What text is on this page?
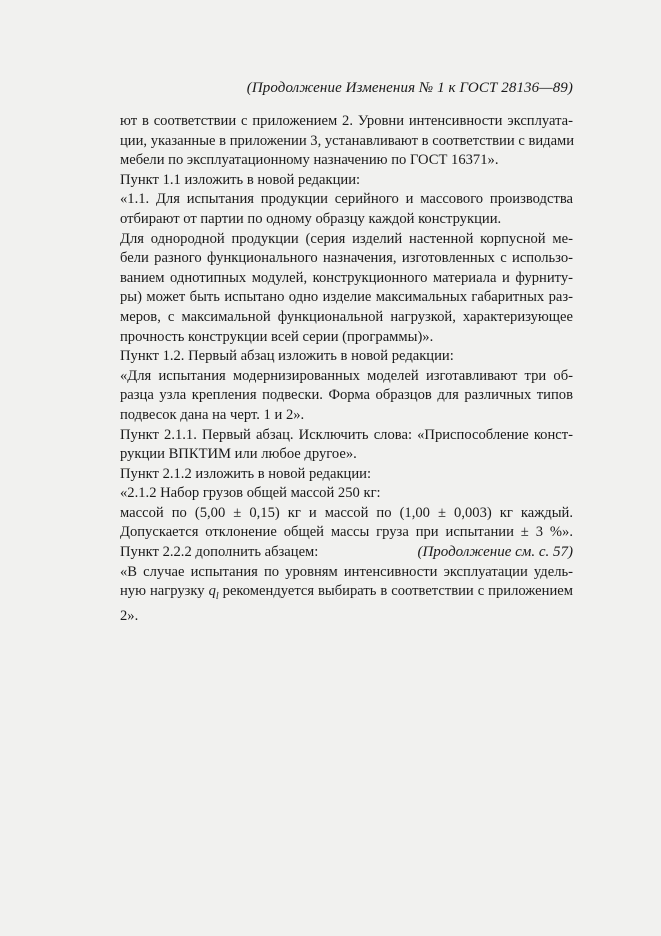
(Продолжение Изменения № 1 к ГОСТ 28136—89)
ют в соответствии с приложением 2. Уровни интенсивности эксплуата-
ции, указанные в приложении 3, устанавливают в соответствии с видами
мебели по эксплуатационному назначению по ГОСТ 16371».
Пункт 1.1 изложить в новой редакции:
«1.1. Для испытания продукции серийного и массового производства
отбирают от партии по одному образцу каждой конструкции.
Для однородной продукции (серия изделий настенной корпусной ме-
бели разного функционального назначения, изготовленных с использо-
ванием однотипных модулей, конструкционного материала и фурниту-
ры) может быть испытано одно изделие максимальных габаритных раз-
меров, с максимальной функциональной нагрузкой, характеризующее
прочность конструкции всей серии (программы)».
Пункт 1.2. Первый абзац изложить в новой редакции:
«Для испытания модернизированных моделей изготавливают три об-
разца узла крепления подвески. Форма образцов для различных типов
подвесок дана на черт. 1 и 2».
Пункт 2.1.1. Первый абзац. Исключить слова: «Приспособление конст-
рукции ВПКТИМ или любое другое».
Пункт 2.1.2 изложить в новой редакции:
«2.1.2 Набор грузов общей массой 250 кг:
массой по (5,00 ± 0,15) кг и массой по (1,00 ± 0,003) кг каждый.
Допускается отклонение общей массы груза при испытании ± 3 %».
Пункт 2.2.2 дополнить абзацем:
«В случае испытания по уровням интенсивности эксплуатации удель-
ную нагрузку $q_l$ рекомендуется выбирать в соответствии с приложением
2».
(Продолжение см. с. 57)
